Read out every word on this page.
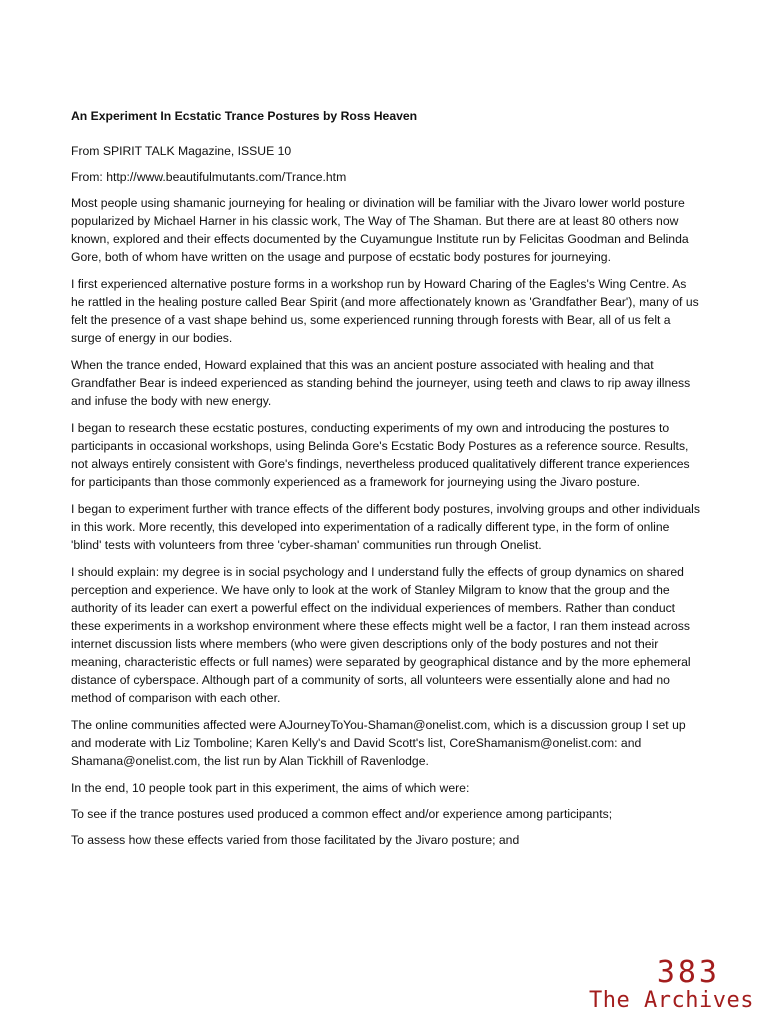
An Experiment In Ecstatic Trance Postures by Ross Heaven

From SPIRIT TALK Magazine, ISSUE 10

From: http://www.beautifulmutants.com/Trance.htm

Most people using shamanic journeying for healing or divination will be familiar with the Jivaro lower world posture popularized by Michael Harner in his classic work, The Way of The Shaman. But there are at least 80 others now known, explored and their effects documented by the Cuyamungue Institute run by Felicitas Goodman and Belinda Gore, both of whom have written on the usage and purpose of ecstatic body postures for journeying.

I first experienced alternative posture forms in a workshop run by Howard Charing of the Eagles's Wing Centre. As he rattled in the healing posture called Bear Spirit (and more affectionately known as 'Grandfather Bear'), many of us felt the presence of a vast shape behind us, some experienced running through forests with Bear, all of us felt a surge of energy in our bodies.

When the trance ended, Howard explained that this was an ancient posture associated with healing and that Grandfather Bear is indeed experienced as standing behind the journeyer, using teeth and claws to rip away illness and infuse the body with new energy.

I began to research these ecstatic postures, conducting experiments of my own and introducing the postures to participants in occasional workshops, using Belinda Gore's Ecstatic Body Postures as a reference source. Results, not always entirely consistent with Gore's findings, nevertheless produced qualitatively different trance experiences for participants than those commonly experienced as a framework for journeying using the Jivaro posture.

I began to experiment further with trance effects of the different body postures, involving groups and other individuals in this work. More recently, this developed into experimentation of a radically different type, in the form of online 'blind' tests with volunteers from three 'cyber-shaman' communities run through Onelist.

I should explain: my degree is in social psychology and I understand fully the effects of group dynamics on shared perception and experience. We have only to look at the work of Stanley Milgram to know that the group and the authority of its leader can exert a powerful effect on the individual experiences of members. Rather than conduct these experiments in a workshop environment where these effects might well be a factor, I ran them instead across internet discussion lists where members (who were given descriptions only of the body postures and not their meaning, characteristic effects or full names) were separated by geographical distance and by the more ephemeral distance of cyberspace. Although part of a community of sorts, all volunteers were essentially alone and had no method of comparison with each other.

The online communities affected were AJourneyToYou-Shaman@onelist.com, which is a discussion group I set up and moderate with Liz Tomboline; Karen Kelly's and David Scott's list, CoreShamanism@onelist.com: and Shamana@onelist.com, the list run by Alan Tickhill of Ravenlodge.

In the end, 10 people took part in this experiment, the aims of which were:

To see if the trance postures used produced a common effect and/or experience among participants;

To assess how these effects varied from those facilitated by the Jivaro posture; and

383
The Archives
